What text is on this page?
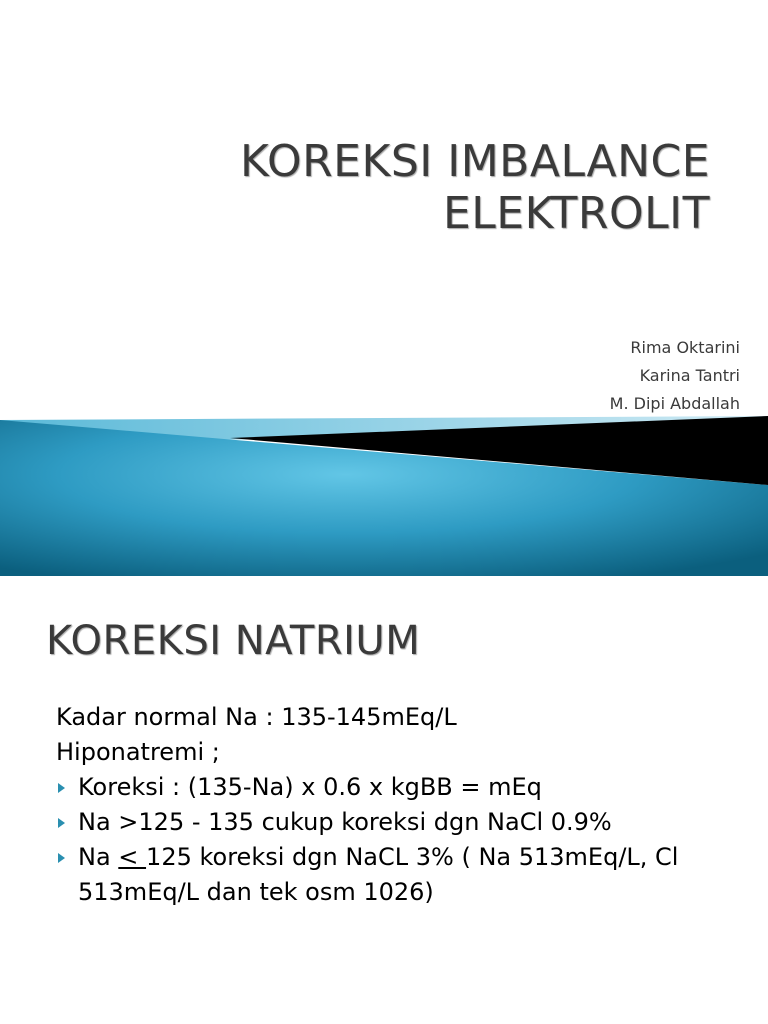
KOREKSI IMBALANCE
ELEKTROLIT
Rima Oktarini
Karina Tantri
M. Dipi Abdallah
KOREKSI NATRIUM
Kadar normal Na : 135-145mEq/L
Hiponatremi ;
Koreksi : (135-Na) x 0.6 x kgBB = mEq
Na >125 - 135 cukup koreksi dgn NaCl 0.9%
Na < 125 koreksi dgn NaCL 3% ( Na 513mEq/L, Cl 513mEq/L dan tek osm 1026)
